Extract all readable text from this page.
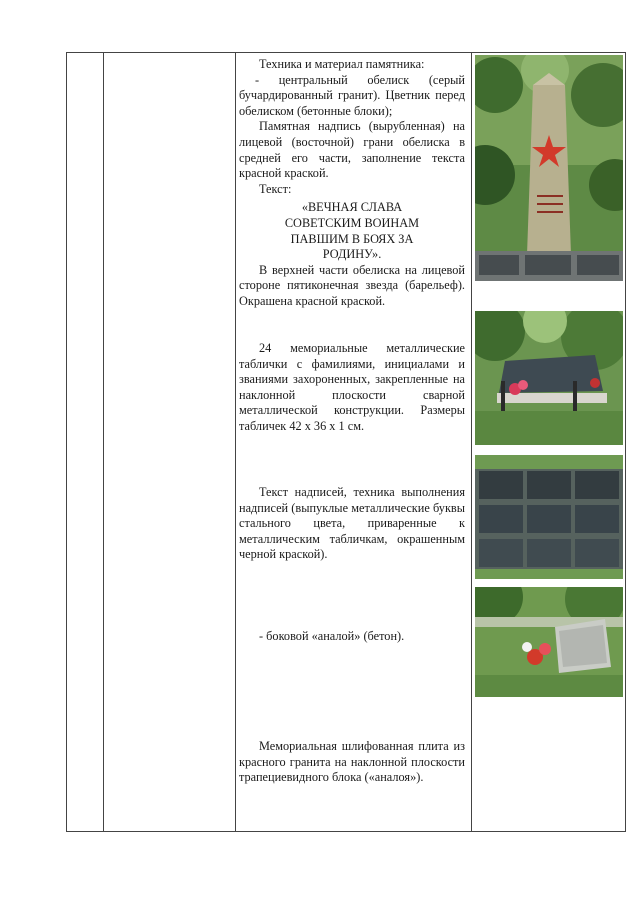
Техника и материал памятника:

- центральный обелиск (серый бучардированный гранит). Цветник перед обелиском (бетонные блоки);

Памятная надпись (вырубленная) на лицевой (восточной) грани обелиска в средней его части, заполнение текста красной краской.

Текст:

«ВЕЧНАЯ СЛАВА

СОВЕТСКИМ ВОИНАМ

ПАВШИМ В БОЯХ ЗА

РОДИНУ».

В верхней части обелиска на лицевой стороне пятиконечная звезда (барельеф). Окрашена красной краской.

24 мемориальные металлические таблички с фамилиями, инициалами и званиями захороненных, закрепленные на наклонной плоскости сварной металлической конструкции. Размеры табличек 42 х 36 х 1 см.

Текст надписей, техника выполнения надписей (выпуклые металлические буквы стального цвета, приваренные к металлическим табличкам, окрашенным черной краской).

- боковой «аналой» (бетон).

Мемориальная шлифованная плита из красного гранита на наклонной плоскости трапециевидного блока («аналоя»).
